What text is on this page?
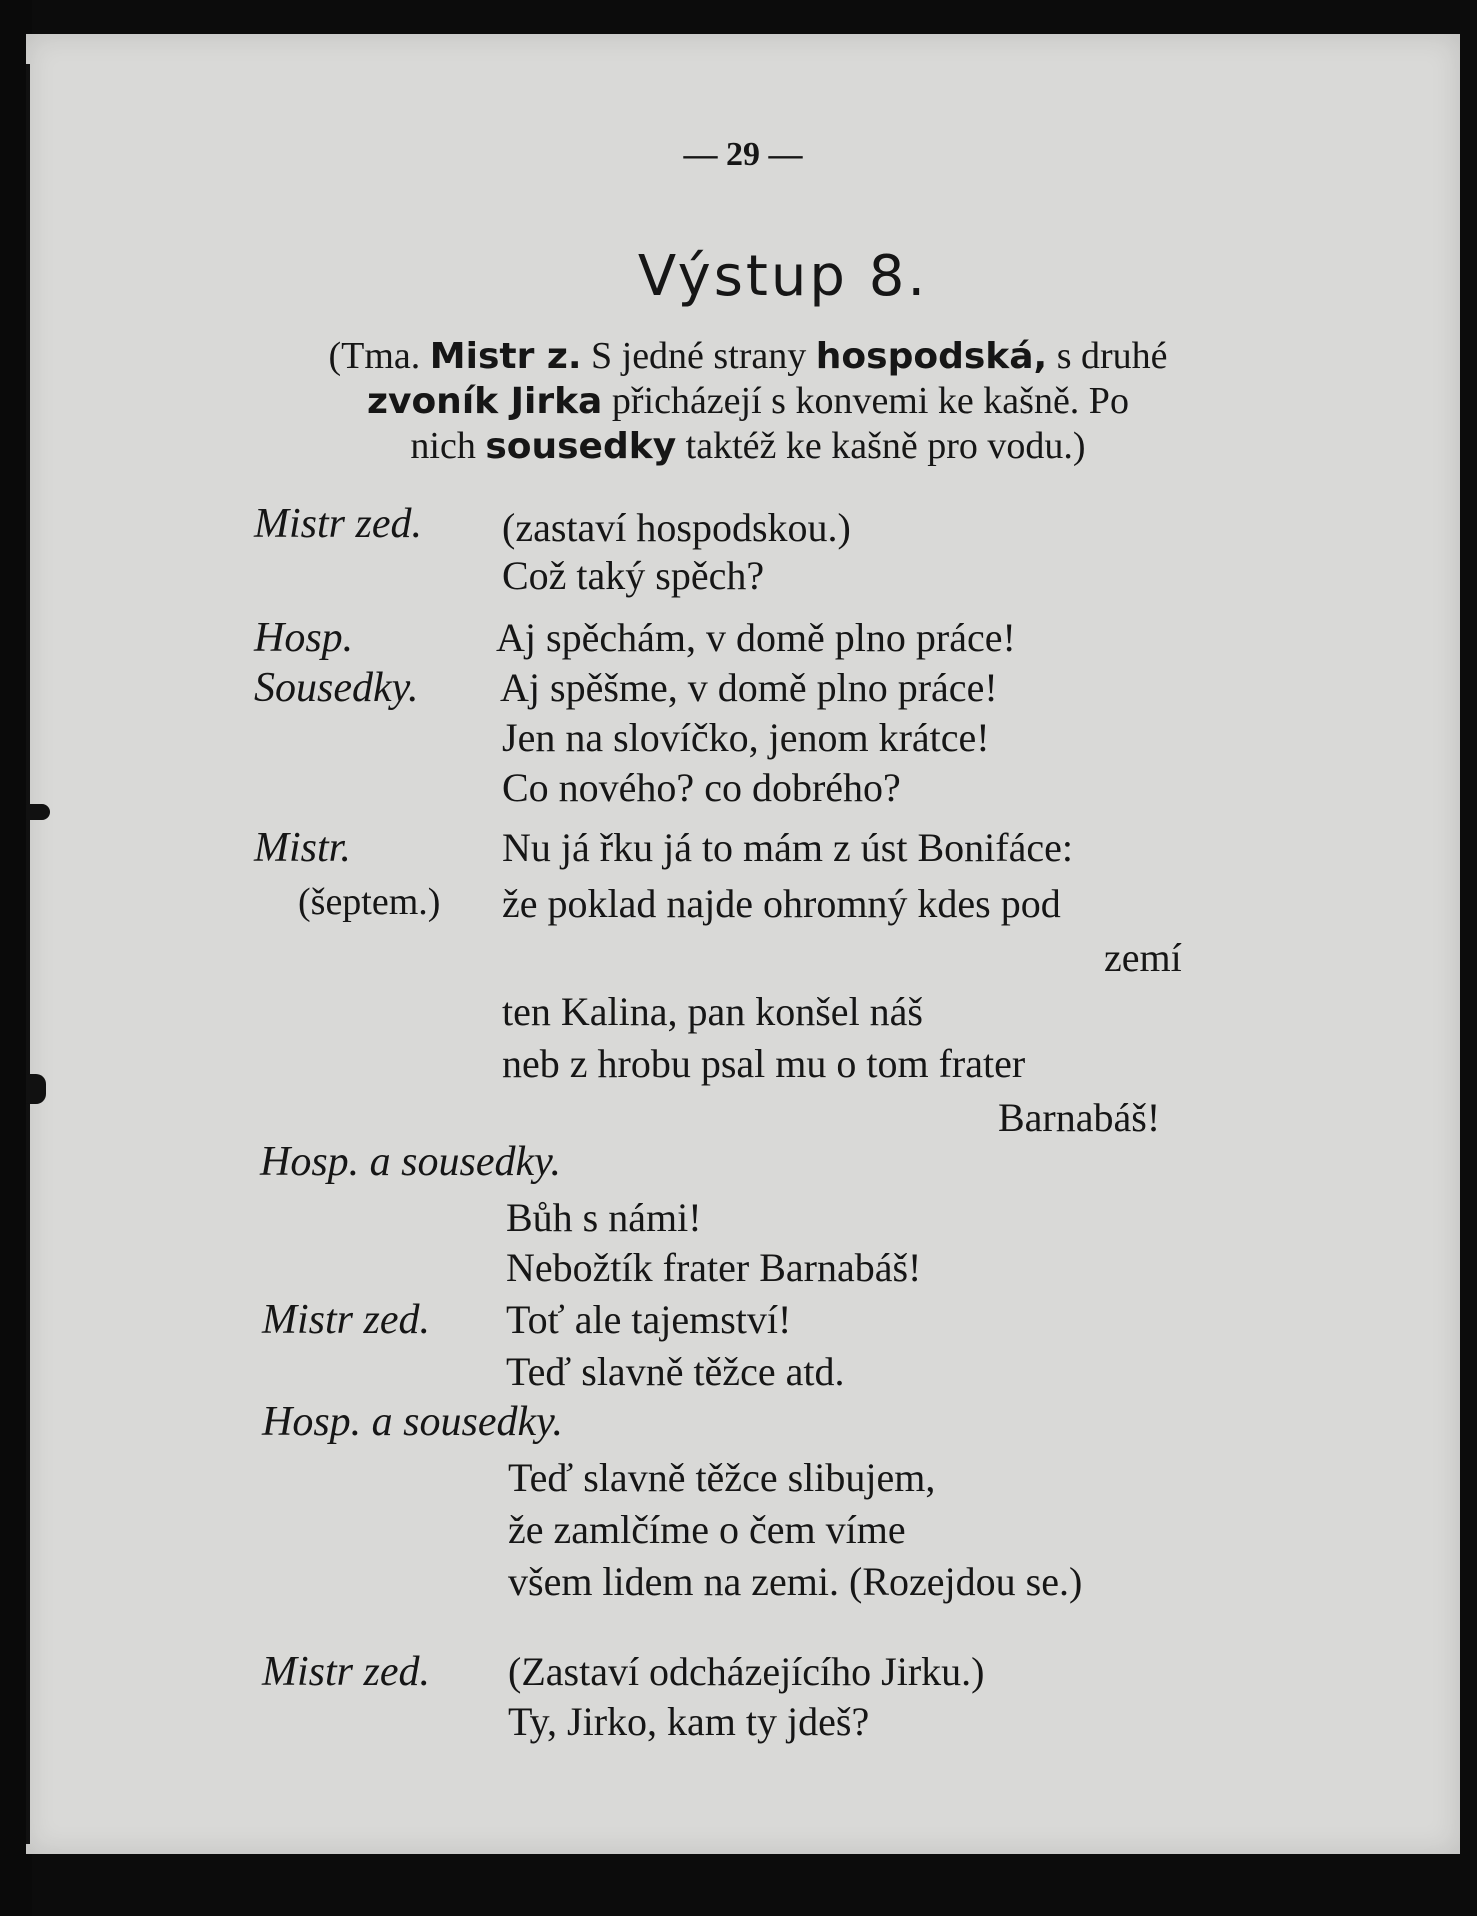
— 29 —
Výstup 8.
(Tma. Mistr z. S jedné strany hospodská, s druhé
zvoník Jirka přicházejí s konvemi ke kašně. Po
nich sousedky taktéž ke kašně pro vodu.)
Mistr zed.
Hosp.
Sousedky.
Mistr.
(šeptem.)
Hosp. a sousedky.
Mistr zed.
Hosp. a sousedky.
Mistr zed.
(zastaví hospodskou.)
Což taký spěch?
Aj spěchám, v domě plno práce!
Aj spěšme, v domě plno práce!
Jen na slovíčko, jenom krátce!
Co nového? co dobrého?
Nu já řku já to mám z úst Bonifáce:
že poklad najde ohromný kdes pod
zemí
ten Kalina, pan konšel náš
neb z hrobu psal mu o tom frater
Barnabáš!
Bůh s námi!
Nebožtík frater Barnabáš!
Toť ale tajemství!
Teď slavně těžce atd.
Teď slavně těžce slibujem,
že zamlčíme o čem víme
všem lidem na zemi. (Rozejdou se.)
(Zastaví odcházejícího Jirku.)
Ty, Jirko, kam ty jdeš?
